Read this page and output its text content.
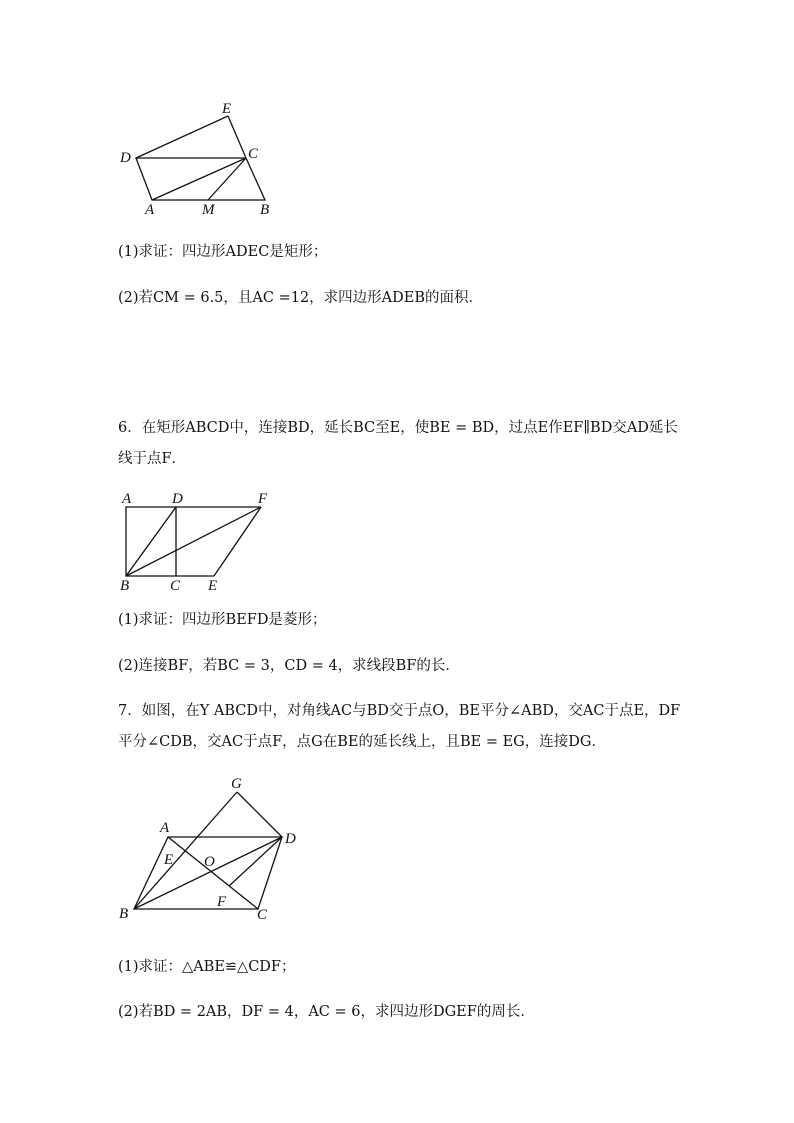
E
D	C
A	M	B
(1)求证：四边形ADEC是矩形；
(2)若CM = 6.5，且AC =12，求四边形ADEB的面积．
6．在矩形ABCD中，连接BD，延长BC至E，使BE = BD，过点E作EF∥BD交AD延长
线于点F．
A	D	F
B	C E
(1)求证：四边形BEFD是菱形；
(2)连接BF，若BC = 3，CD = 4，求线段BF的长．
7．如图，在Y ABCD中，对角线AC与BD交于点O，BE平分∠ABD，交AC于点E，DF
平分∠CDB，交AC于点F，点G在BE的延长线上，且BE = EG，连接DG．
G
A
D
E O
B
F
C
(1)求证：△ABE≌△CDF；
(2)若BD = 2AB，DF = 4，AC = 6，求四边形DGEF的周长．
